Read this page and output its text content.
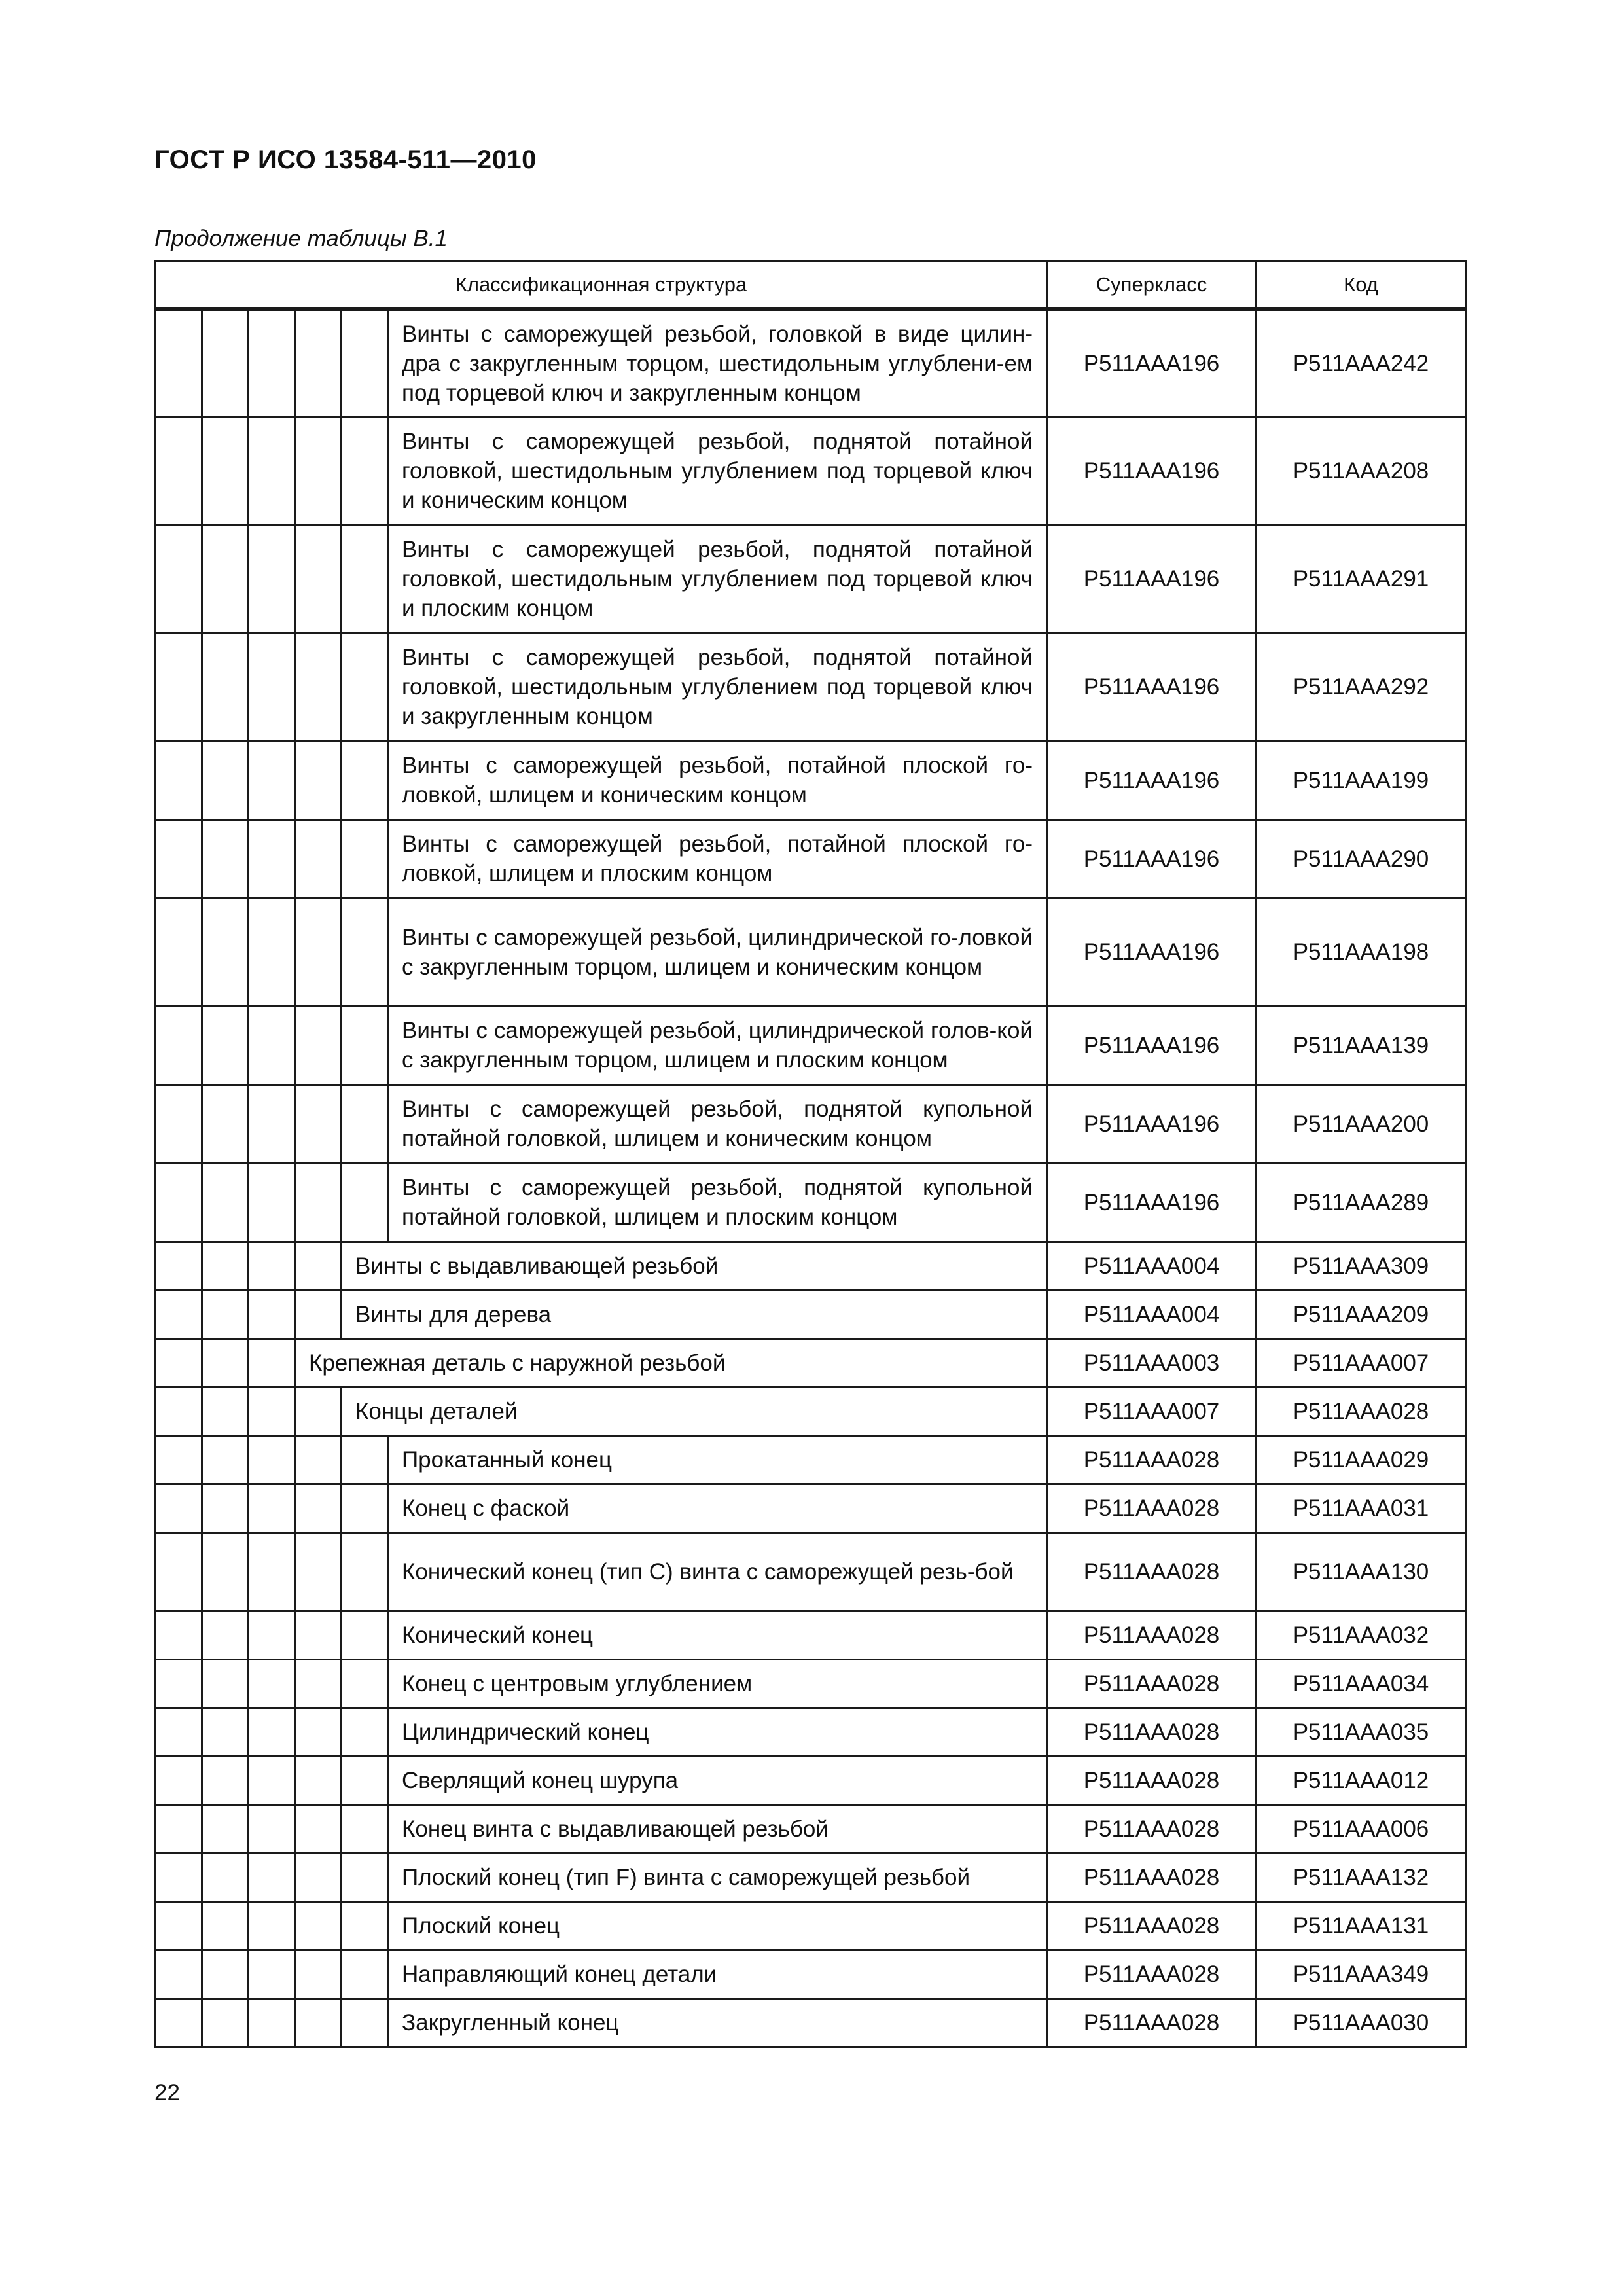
ГОСТ Р ИСО 13584-511—2010
Продолжение таблицы В.1
Классификационная структура						Суперкласс	Код
					Винты с саморежущей резьбой, головкой в виде цилин-дра с закругленным торцом, шестидольным углублени-ем под торцевой ключ и закругленным концом	P511AAA196	P511AAA242
					Винты с саморежущей резьбой, поднятой потайной головкой, шестидольным углублением под торцевой ключ и коническим концом	P511AAA196	P511AAA208
					Винты с саморежущей резьбой, поднятой потайной головкой, шестидольным углублением под торцевой ключ и плоским концом	P511AAA196	P511AAA291
					Винты с саморежущей резьбой, поднятой потайной головкой, шестидольным углублением под торцевой ключ и закругленным концом	P511AAA196	P511AAA292
					Винты с саморежущей резьбой, потайной плоской го-ловкой, шлицем и коническим концом	P511AAA196	P511AAA199
					Винты с саморежущей резьбой, потайной плоской го-ловкой, шлицем и плоским концом	P511AAA196	P511AAA290
					Винты с саморежущей резьбой, цилиндрической го-ловкой с закругленным торцом, шлицем и коническим концом	P511AAA196	P511AAA198
					Винты с саморежущей резьбой, цилиндрической голов-кой с закругленным торцом, шлицем и плоским концом	P511AAA196	P511AAA139
					Винты с саморежущей резьбой, поднятой купольной потайной головкой, шлицем и коническим концом	P511AAA196	P511AAA200
					Винты с саморежущей резьбой, поднятой купольной потайной головкой, шлицем и плоским концом	P511AAA196	P511AAA289
				Винты с выдавливающей резьбой		P511AAA004	P511AAA309
				Винты для дерева		P511AAA004	P511AAA209
			Крепежная деталь с наружной резьбой			P511AAA003	P511AAA007
				Концы деталей		P511AAA007	P511AAA028
					Прокатанный конец	P511AAA028	P511AAA029
					Конец с фаской	P511AAA028	P511AAA031
					Конический конец (тип С) винта с саморежущей резь-бой	P511AAA028	P511AAA130
					Конический конец	P511AAA028	P511AAA032
					Конец с центровым углублением	P511AAA028	P511AAA034
					Цилиндрический конец	P511AAA028	P511AAA035
					Сверлящий конец шурупа	P511AAA028	P511AAA012
					Конец винта с выдавливающей резьбой	P511AAA028	P511AAA006
					Плоский конец (тип F) винта с саморежущей резьбой	P511AAA028	P511AAA132
					Плоский конец	P511AAA028	P511AAA131
					Направляющий конец детали	P511AAA028	P511AAA349
					Закругленный конец	P511AAA028	P511AAA030
22
